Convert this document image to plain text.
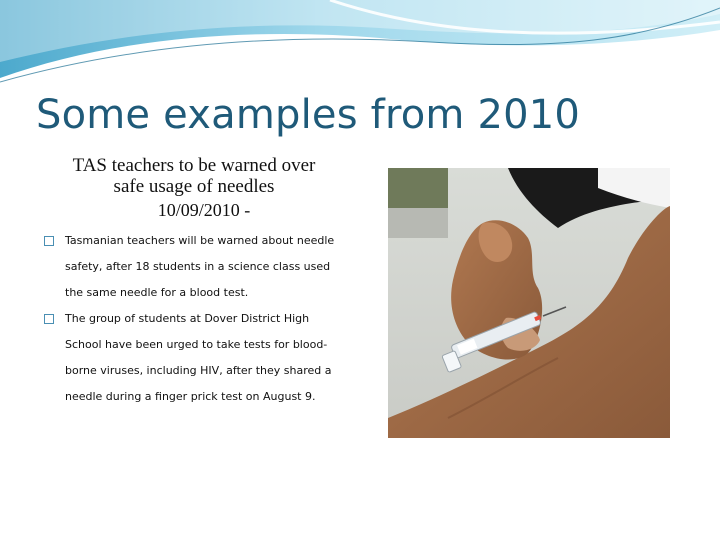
Some examples from 2010
TAS teachers to be warned over
safe usage of needles
10/09/2010 -
Tasmanian teachers will be warned about needle safety, after 18 students in a science class used the same needle for a blood test.
The group of students at Dover District High School have been urged to take tests for blood-borne viruses, including HIV, after they shared a needle during a finger prick test on August 9.
